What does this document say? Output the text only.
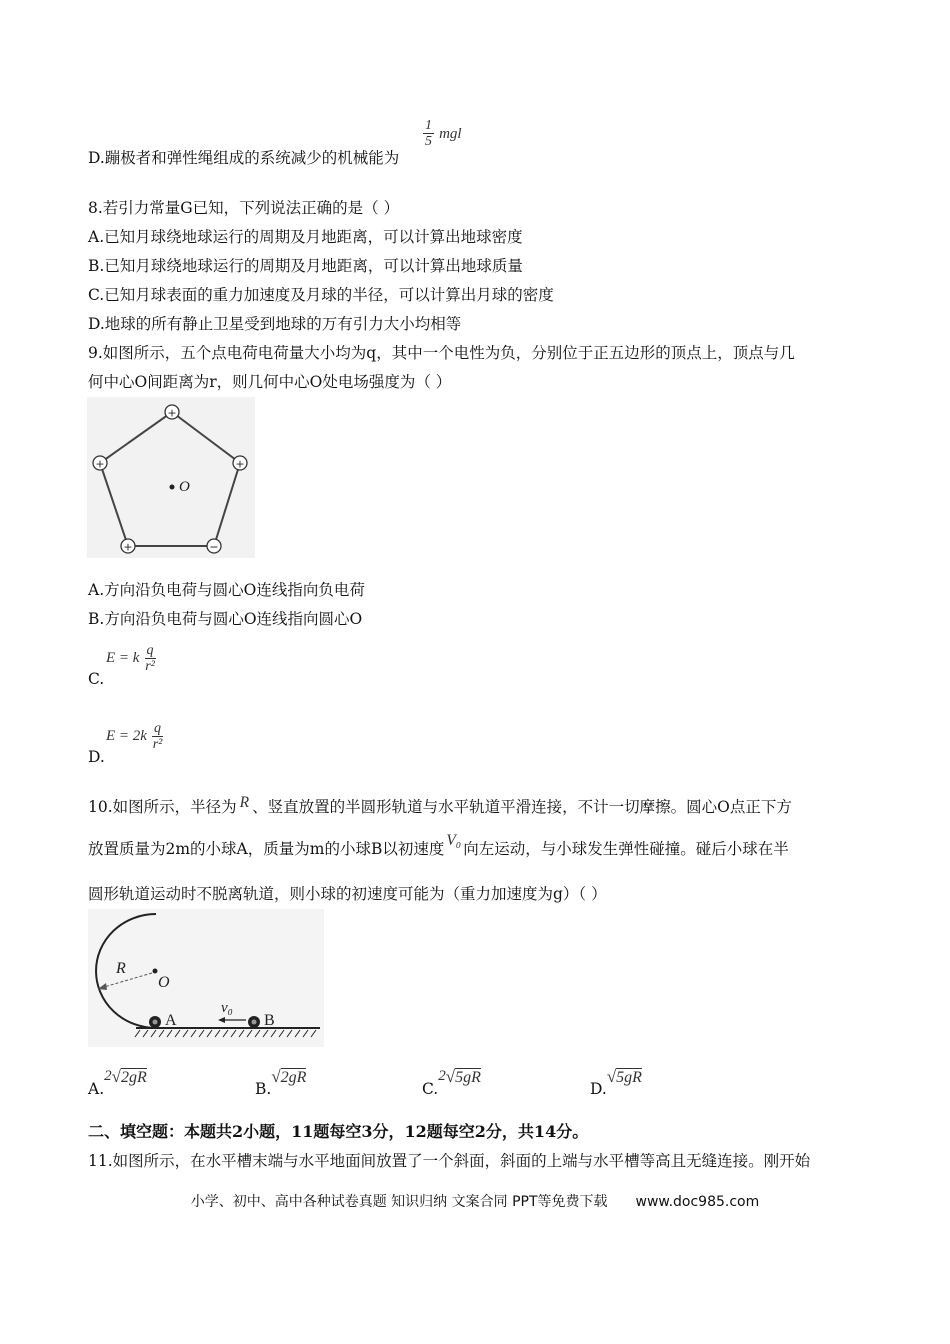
D.蹦极者和弹性绳组成的系统减少的机械能为
$\frac{1}{5}$ mgl
8.若引力常量G已知，下列说法正确的是（ ）
A.已知月球绕地球运行的周期及月地距离，可以计算出地球密度
B.已知月球绕地球运行的周期及月地距离，可以计算出地球质量
C.已知月球表面的重力加速度及月球的半径，可以计算出月球的密度
D.地球的所有静止卫星受到地球的万有引力大小均相等
9.如图所示，五个点电荷电荷量大小均为q，其中一个电性为负，分别位于正五边形的顶点上，顶点与几
何中心O间距离为r，则几何中心O处电场强度为（ ）
O
+
+
+
+	−
A.方向沿负电荷与圆心O连线指向负电荷
B.方向沿负电荷与圆心O连线指向圆心O
C.
E = k $\frac{q}{\text{r²}}$
D.
$E = 2k \frac{q}{\text{r²}}$
10.如图所示，半径为 R 、竖直放置的半圆形轨道与水平轨道平滑连接，不计一切摩擦。圆心O点正下方
放置质量为2m的小球A，质量为m的小球B以初速度 V₀ 向左运动，与小球发生弹性碰撞。碰后小球在半
圆形轨道运动时不脱离轨道，则小球的初速度可能为（重力加速度为g）（ ）
R
O
A	B
v₀
A.2√2gR
B.√2gR
C.2√5gR
D.√5gR
二、填空题：本题共2小题，11题每空3分，12题每空2分，共14分。
11.如图所示，在水平槽末端与水平地面间放置了一个斜面，斜面的上端与水平槽等高且无缝连接。刚开始
小学、初中、高中各种试卷真题 知识归纳 文案合同 PPT等免费下载 www.doc985.com
